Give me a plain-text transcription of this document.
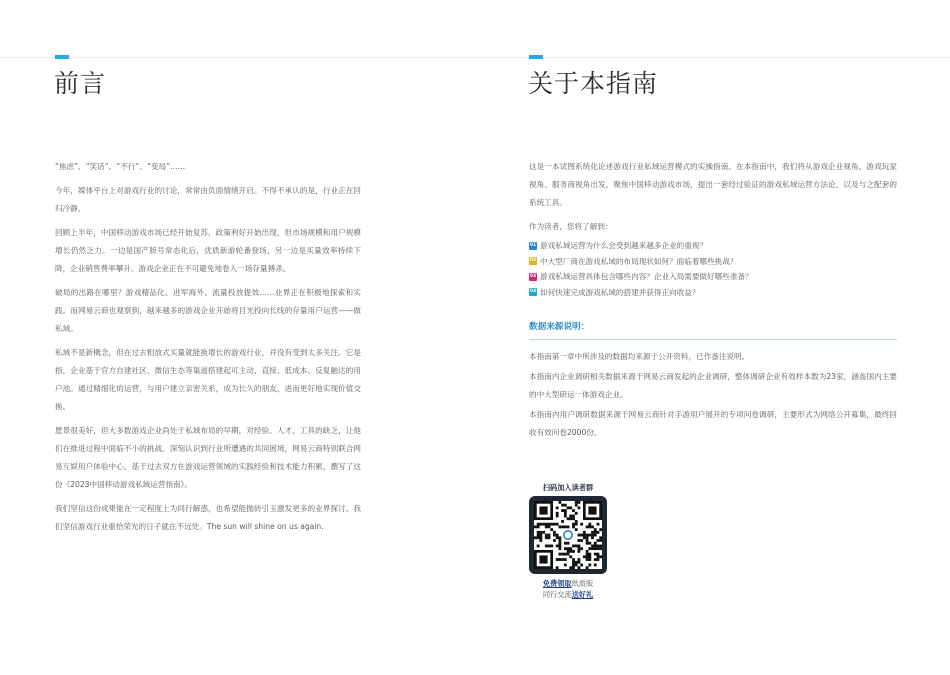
前言

“焦虑”、“笑话”、“不行”、“变局”……

今年，媒体平台上对游戏行业的讨论，常常由负面情绪开启。不得不承认的是，行业正在回归冷静。

回顾上半年，中国移动游戏市场已经开始复苏，政策利好开始出现，但市场规模和用户规模增长仍然乏力。一边是国产版号常态化后，优质新游轮番登场，另一边是买量效率持续下降，企业销售费率攀升。游戏企业正在不可避免地卷入一场存量搏杀。

破局的出路在哪里？游戏精品化、进军海外、流量投放提效……业界正在积极地探索和实践。而网易云商也观察到，越来越多的游戏企业开始将目光投向长线的存量用户运营——做私域。

私域不是新概念，但在过去粗放式买量就能换增长的游戏行业，并没有受到太多关注。它是指，企业基于官方自建社区、微信生态等渠道搭建起可主动、直接、低成本、反复触达的用户池。通过精细化的运营，与用户建立亲密关系，成为长久的朋友，进而更好地实现价值交换。

愿景很美好，但大多数游戏企业尚处于私域布局的早期，对经验、人才、工具的缺乏，让他们在推进过程中面临不小的挑战。深刻认识到行业所遭遇的共同困境，网易云商特别联合网易互娱用户体验中心，基于过去双方在游戏运营领域的实践经验和技术能力积累，撰写了这份《2023中国移动游戏私域运营指南》。

我们坚信这份成果能在一定程度上为同行解惑，也希望能抛砖引玉激发更多的业界探讨。我们坚信游戏行业重拾荣光的日子就在不远处。The sun will shine on us again.

关于本指南

这是一本试图系统化论述游戏行业私域运营模式的实操指南。在本指南中，我们将从游戏企业视角、游戏玩家视角、服务商视角出发，聚焦中国移动游戏市场，提出一套经过验证的游戏私域运营方法论，以及与之配套的系统工具。

作为读者，您将了解到：

01 游戏私域运营为什么会受到越来越多企业的重视？
02 中大型厂商在游戏私域的布局现状如何？面临着哪些挑战？
03 游戏私域运营具体包含哪些内容？企业入局需要做好哪些准备？
04 如何快速完成游戏私域的搭建并获得正向收益？
数据来源说明：

本指南第一章中所涉及的数据均来源于公开资料，已作备注说明。

本指南内企业调研相关数据来源于网易云商发起的企业调研，整体调研企业有效样本数为23家，涵盖国内主要的中大型研运一体游戏企业。

本指南内用户调研数据来源于网易云商针对手游用户展开的专项问卷调研，主要形式为网络公开募集，最终回收有效问卷2000份。

扫码加入读者群
免费领取纸质版
同行交流送好礼
